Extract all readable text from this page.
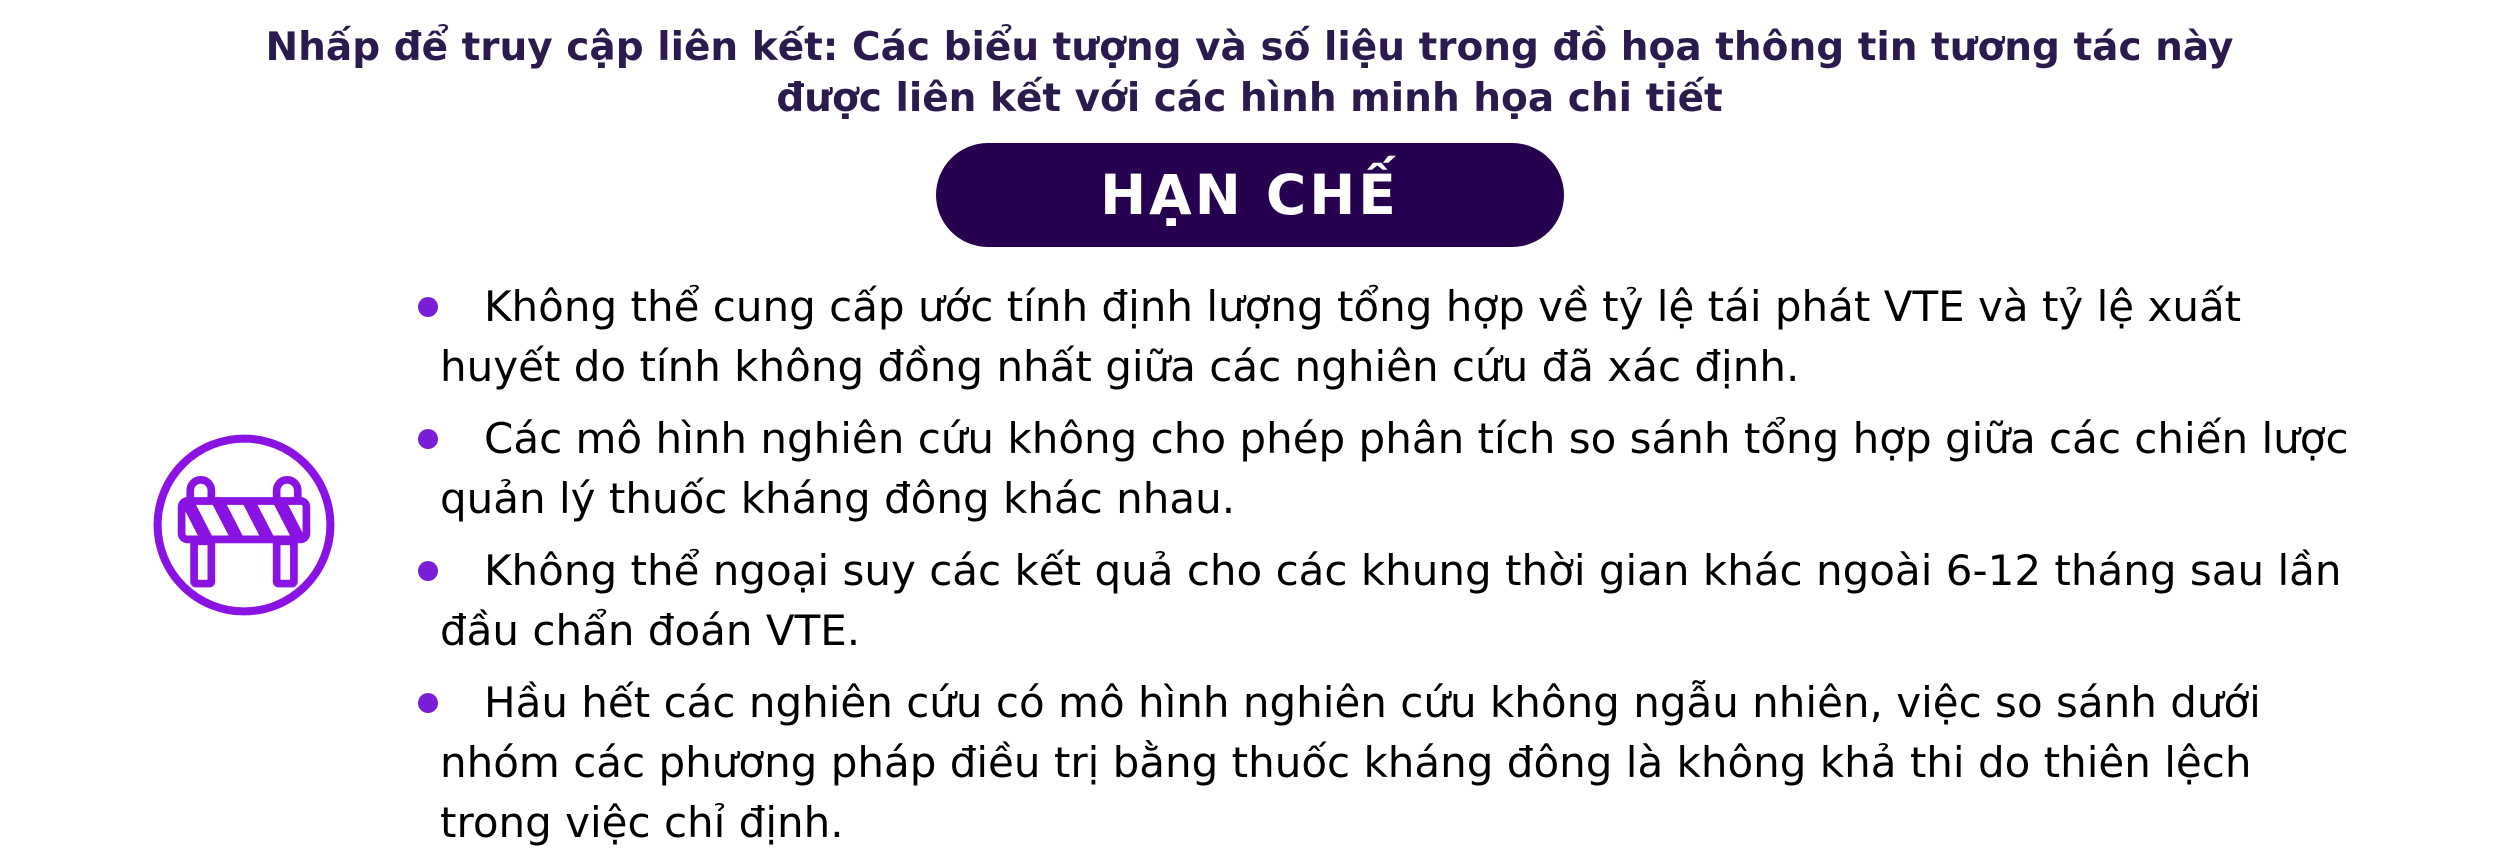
Nhấp để truy cập liên kết: Các biểu tượng và số liệu trong đồ họa thông tin tương tác này được liên kết với các hình minh họa chi tiết
HẠN CHẾ

Không thể cung cấp ước tính định lượng tổng hợp về tỷ lệ tái phát VTE và tỷ lệ xuất huyết do tính không đồng nhất giữa các nghiên cứu đã xác định.

Các mô hình nghiên cứu không cho phép phân tích so sánh tổng hợp giữa các chiến lược quản lý thuốc kháng đông khác nhau.

Không thể ngoại suy các kết quả cho các khung thời gian khác ngoài 6-12 tháng sau lần đầu chẩn đoán VTE.

Hầu hết các nghiên cứu có mô hình nghiên cứu không ngẫu nhiên, việc so sánh dưới nhóm các phương pháp điều trị bằng thuốc kháng đông là không khả thi do thiên lệch trong việc chỉ định.
